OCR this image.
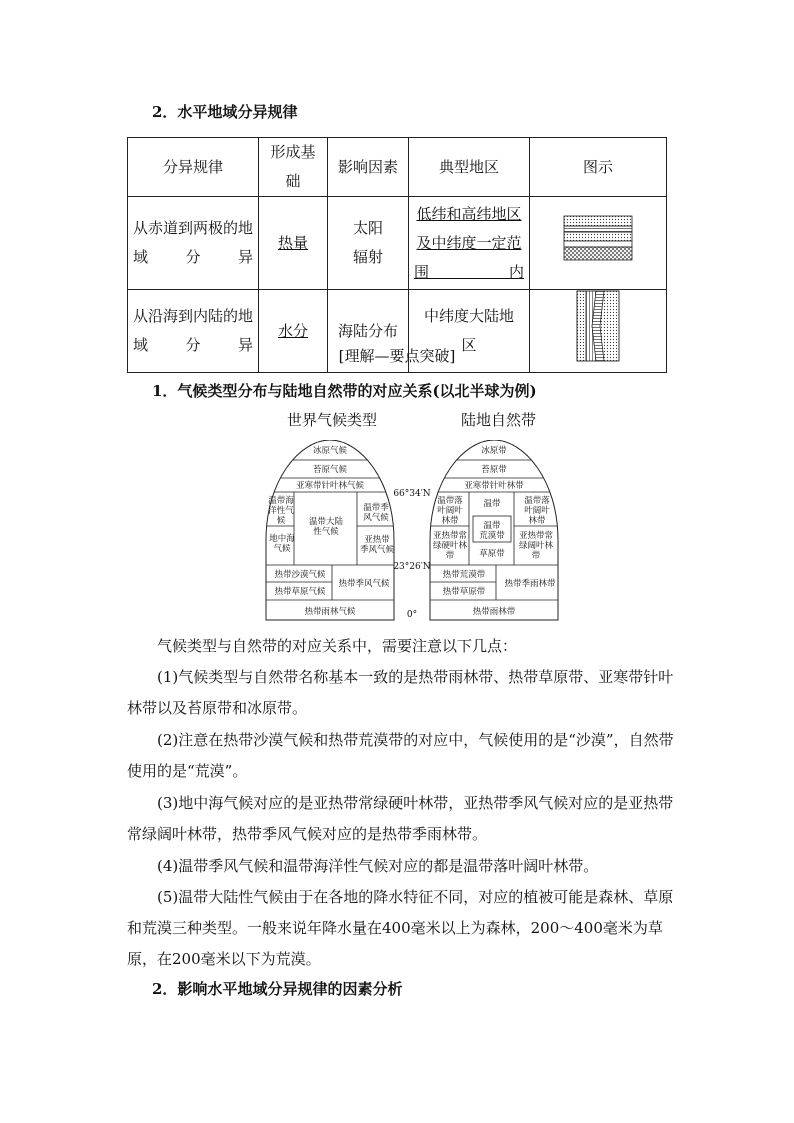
2．水平地域分异规律
分异规律	形成基础	影响因素	典型地区	图示
从赤道到两极的地域分异	热量	太阳辐射	低纬和高纬地区及中纬度一定范围内	
从沿海到内陆的地域分异	水分	海陆分布	中纬度大陆地区

[理解—要点突破]
1．气候类型分布与陆地自然带的对应关系(以北半球为例)
世界气候类型	陆地自然带
冰原气候
苔原气候
亚寒带针叶林气候
温带海
洋性气
候	温带大陆
性气候
温带季
风气候
地中海
气候
亚热带
季风气候
热带沙漠气候
热带草原气候
热带季风气候
热带雨林气候
冰原带
苔原带
亚寒带针叶林带
温带落
叶阔叶
林带
温带
温带
荒漠带
草原带
温带落
叶阔叶
林带
亚热带常
绿硬叶林
带
亚热带常
绿阔叶林
带
热带荒漠带
热带草原带
热带季雨林带
热带雨林带
66°34′N
23°26′N
0°
气候类型与自然带的对应关系中，需要注意以下几点：
(1)气候类型与自然带名称基本一致的是热带雨林带、热带草原带、亚寒带针叶林带以及苔原带和冰原带。
(2)注意在热带沙漠气候和热带荒漠带的对应中，气候使用的是“沙漠”，自然带使用的是“荒漠”。
(3)地中海气候对应的是亚热带常绿硬叶林带，亚热带季风气候对应的是亚热带常绿阔叶林带，热带季风气候对应的是热带季雨林带。
(4)温带季风气候和温带海洋性气候对应的都是温带落叶阔叶林带。
(5)温带大陆性气候由于在各地的降水特征不同，对应的植被可能是森林、草原和荒漠三种类型。一般来说年降水量在400毫米以上为森林，200～400毫米为草原，在200毫米以下为荒漠。
2．影响水平地域分异规律的因素分析
